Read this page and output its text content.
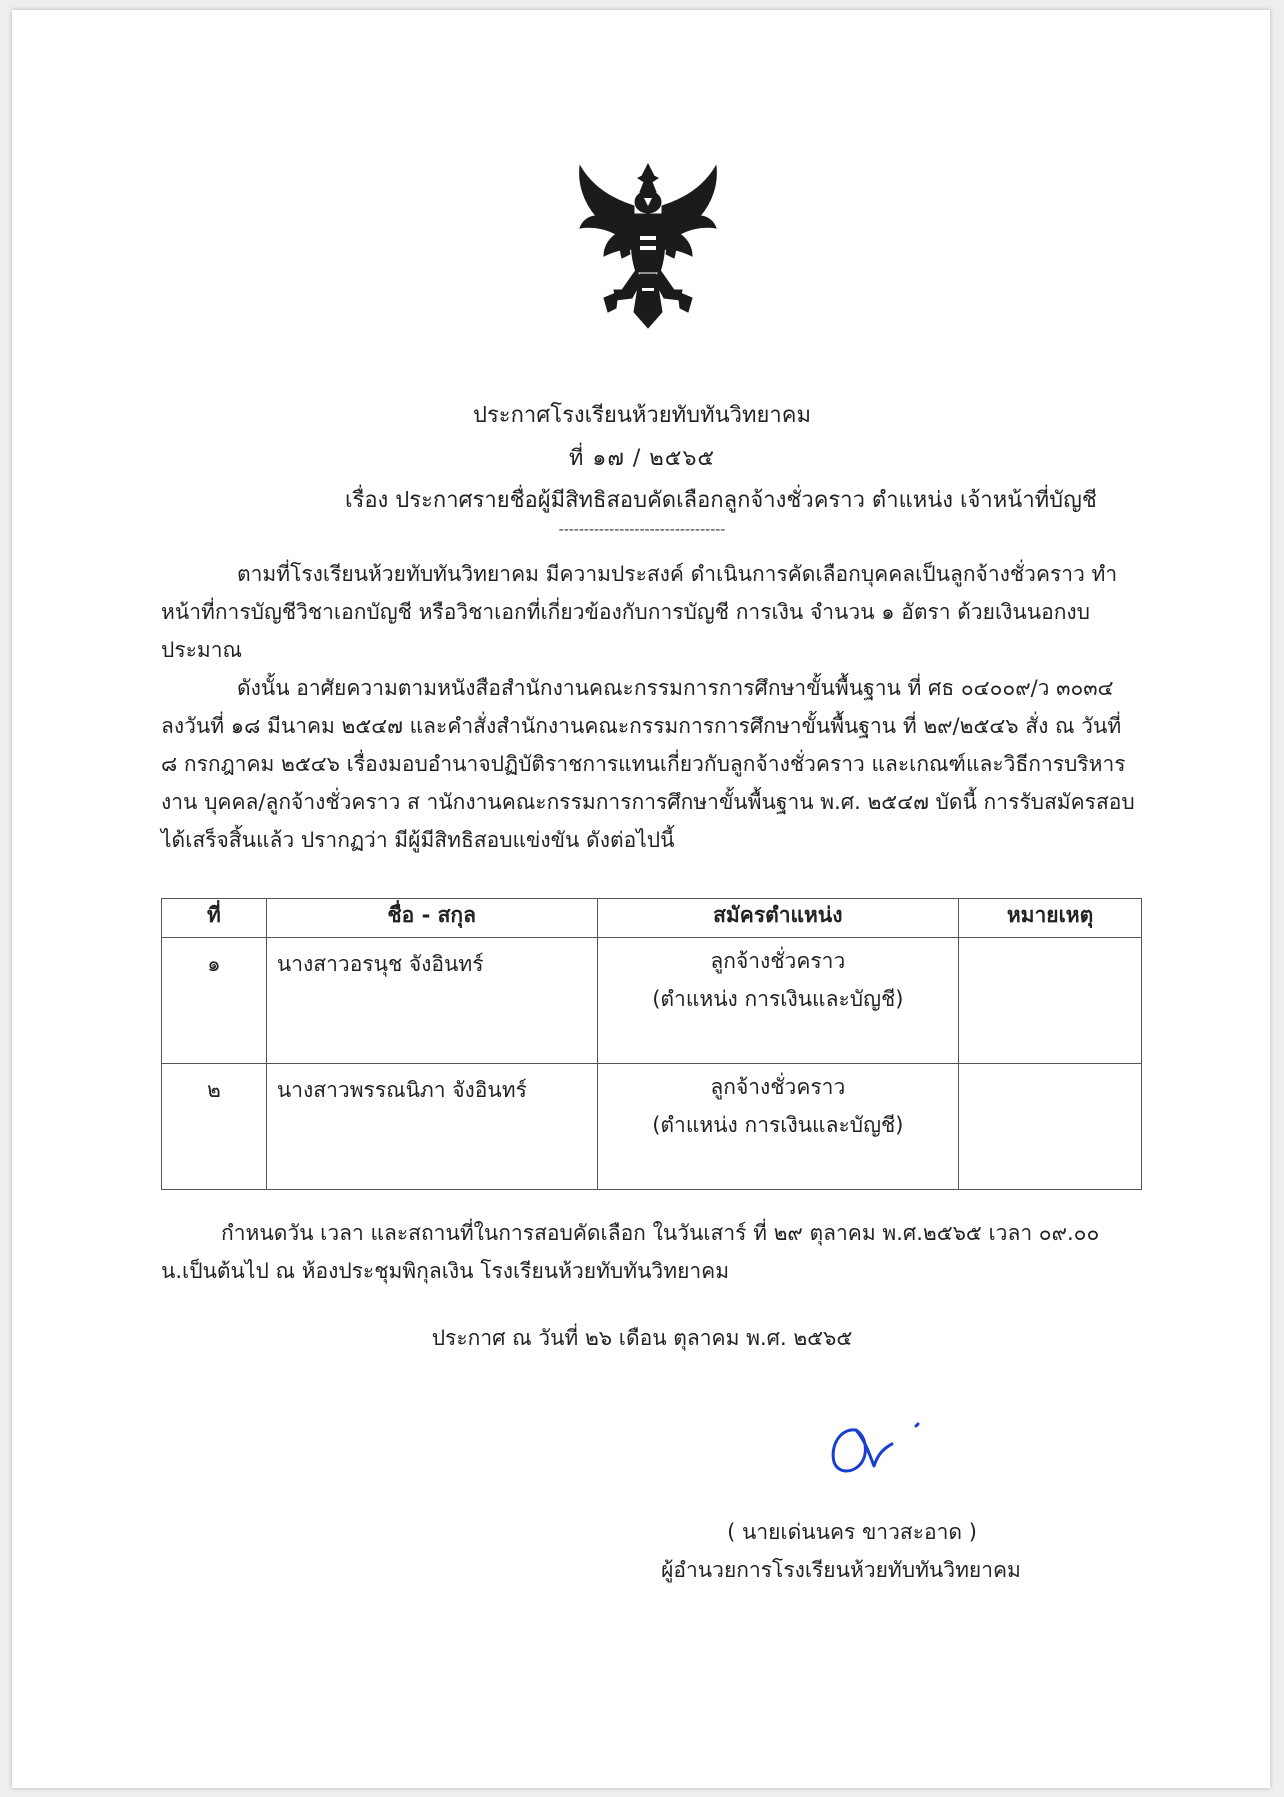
ประกาศโรงเรียนห้วยทับทันวิทยาคม
ที่ ๑๗ / ๒๕๖๕
เรื่อง ประกาศรายชื่อผู้มีสิทธิสอบคัดเลือกลูกจ้างชั่วคราว ตำแหน่ง เจ้าหน้าที่บัญชี
---------------------------------
ตามที่โรงเรียนห้วยทับทันวิทยาคม มีความประสงค์ ดำเนินการคัดเลือกบุคคลเป็นลูกจ้างชั่วคราว ทำหน้าที่การบัญชีวิชาเอกบัญชี หรือวิชาเอกที่เกี่ยวข้องกับการบัญชี การเงิน จำนวน ๑ อัตรา ด้วยเงินนอกงบประมาณ
ดังนั้น อาศัยความตามหนังสือสำนักงานคณะกรรมการการศึกษาขั้นพื้นฐาน ที่ ศธ ๐๔๐๐๙/ว ๓๐๓๔ ลงวันที่ ๑๘ มีนาคม ๒๕๔๗ และคำสั่งสำนักงานคณะกรรมการการศึกษาขั้นพื้นฐาน ที่ ๒๙/๒๕๔๖ สั่ง ณ วันที่ ๘ กรกฎาคม ๒๕๔๖ เรื่องมอบอำนาจปฏิบัติราชการแทนเกี่ยวกับลูกจ้างชั่วคราว และเกณฑ์และวิธีการบริหารงาน บุคคล/ลูกจ้างชั่วคราว ส านักงานคณะกรรมการการศึกษาขั้นพื้นฐาน พ.ศ. ๒๕๔๗ บัดนี้ การรับสมัครสอบได้เสร็จสิ้นแล้ว ปรากฏว่า มีผู้มีสิทธิสอบแข่งขัน ดังต่อไปนี้
ที่	ชื่อ - สกุล	สมัครตำแหน่ง	หมายเหตุ
๑	นางสาวอรนุช จังอินทร์	ลูกจ้างชั่วคราว
(ตำแหน่ง การเงินและบัญชี)	

๒	นางสาวพรรณนิภา จังอินทร์	ลูกจ้างชั่วคราว
(ตำแหน่ง การเงินและบัญชี)	

กำหนดวัน เวลา และสถานที่ในการสอบคัดเลือก ในวันเสาร์ ที่ ๒๙ ตุลาคม พ.ศ.๒๕๖๕ เวลา ๐๙.๐๐ น.เป็นต้นไป ณ ห้องประชุมพิกุลเงิน โรงเรียนห้วยทับทันวิทยาคม
ประกาศ ณ วันที่ ๒๖ เดือน ตุลาคม พ.ศ. ๒๕๖๕
( นายเด่นนคร ขาวสะอาด )
ผู้อำนวยการโรงเรียนห้วยทับทันวิทยาคม
